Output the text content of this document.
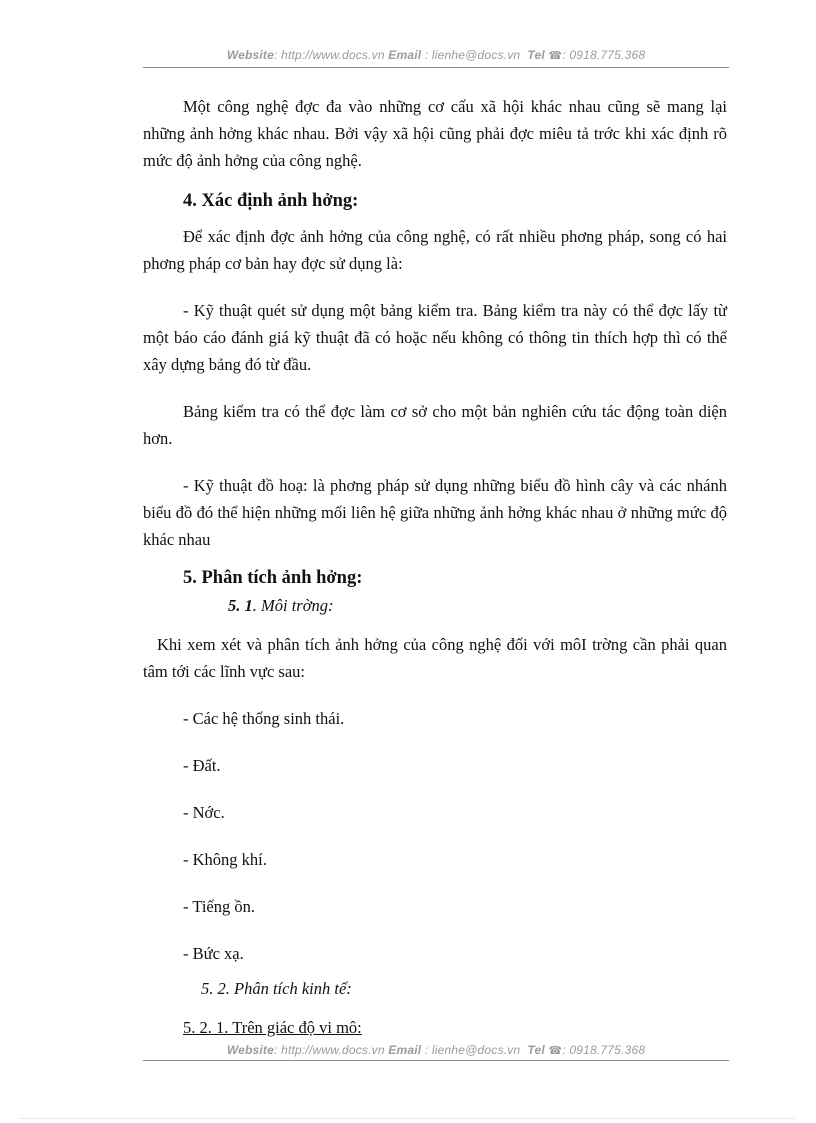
Website: http://www.docs.vn Email : lienhe@docs.vn Tel ☎: 0918.775.368

Một công nghệ đợc đa vào những cơ cấu xã hội khác nhau cũng sẽ mang lại những ảnh hởng khác nhau. Bởi vậy xã hội cũng phải đợc miêu tả trớc khi xác định rõ mức độ ảnh hởng của công nghệ.

4. Xác định ảnh hởng:

Để xác định đợc ảnh hởng của công nghệ, có rất nhiều phơng pháp, song có hai phơng pháp cơ bản hay đợc sử dụng là:

- Kỹ thuật quét sử dụng một bảng kiểm tra. Bảng kiểm tra này có thể đợc lấy từ một báo cáo đánh giá kỹ thuật đã có hoặc nếu không có thông tin thích hợp thì có thể xây dựng bảng đó từ đầu.

Bảng kiểm tra có thể đợc làm cơ sở cho một bản nghiên cứu tác động toàn diện hơn.

- Kỹ thuật đồ hoạ: là phơng pháp sử dụng những biểu đồ hình cây và các nhánh biểu đồ đó thể hiện những mối liên hệ giữa những ảnh hởng khác nhau ở những mức độ khác nhau

5. Phân tích ảnh hởng:

5. 1. Môi trờng:

Khi xem xét và phân tích ảnh hởng của công nghệ đối với môI trờng cần phải quan tâm tới các lĩnh vực sau:

- Các hệ thống sinh thái.

- Đất.

- Nớc.

- Không khí.

- Tiếng ồn.

- Bức xạ.

5. 2. Phân tích kinh tế:

5. 2. 1. Trên giác độ vi mô:

Website: http://www.docs.vn Email : lienhe@docs.vn Tel ☎: 0918.775.368
